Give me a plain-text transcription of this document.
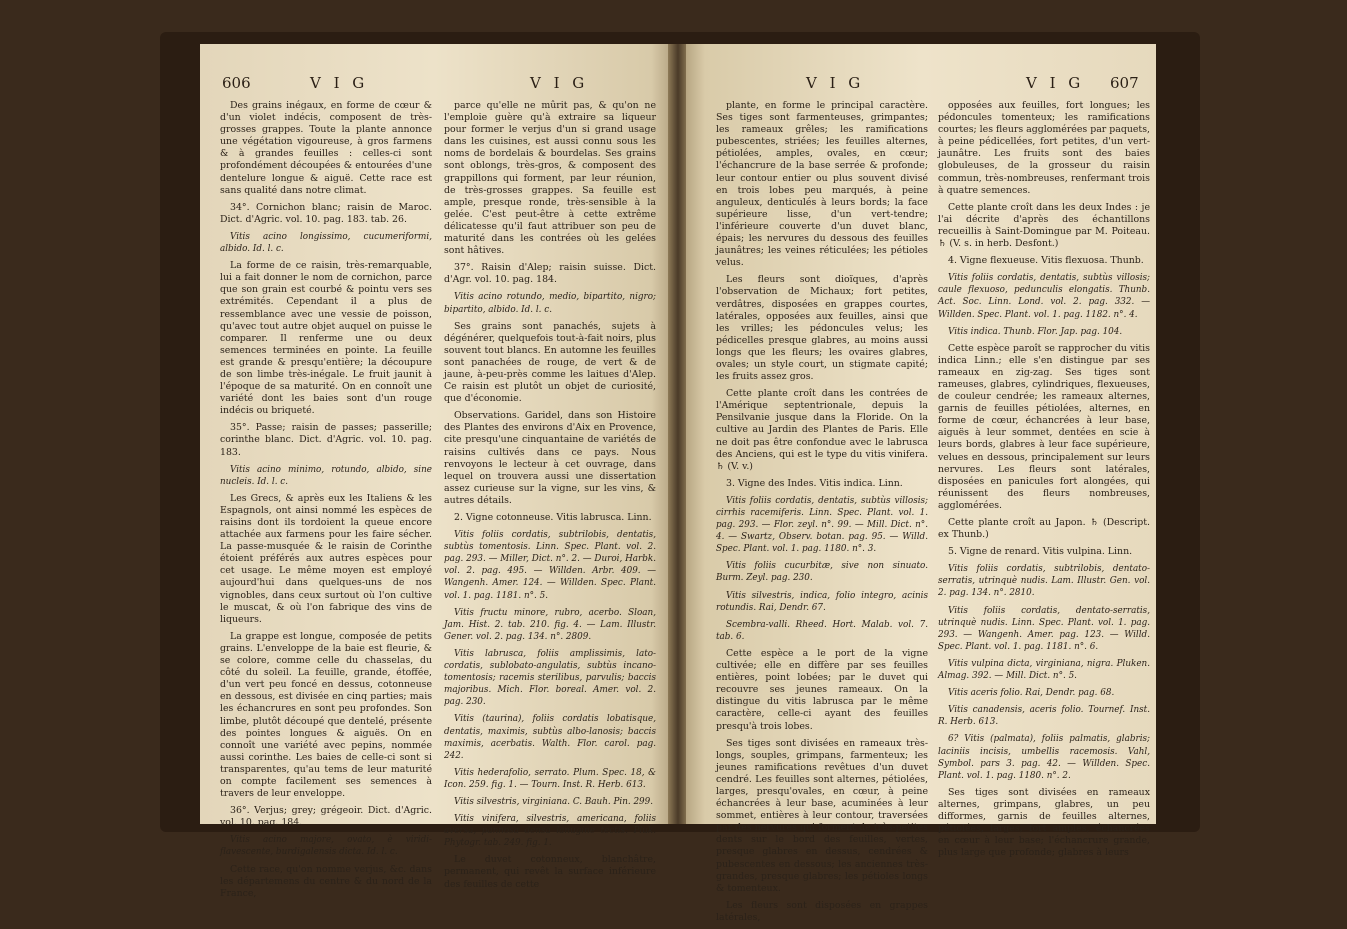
606	V I G	V I G

Des grains inégaux, en forme de cœur & d'un violet indécis, composent de très-grosses grappes. Toute la plante annonce une végétation vigoureuse, à gros farmens & à grandes feuilles : celles-ci sont profondément découpées & entourées d'une dentelure longue & aiguë. Cette race est sans qualité dans notre climat.

34°. Cornichon blanc; raisin de Maroc. Dict. d'Agric. vol. 10. pag. 183. tab. 26.

Vitis acino longissimo, cucumeriformi, albido. Id. l. c.

La forme de ce raisin, très-remarquable, lui a fait donner le nom de cornichon, parce que son grain est courbé & pointu vers ses extrémités. Cependant il a plus de ressemblance avec une vessie de poisson, qu'avec tout autre objet auquel on puisse le comparer. Il renferme une ou deux semences terminées en pointe. La feuille est grande & presqu'entière; la découpure de son limbe très-inégale. Le fruit jaunit à l'époque de sa maturité. On en connoît une variété dont les baies sont d'un rouge indécis ou briqueté.

35°. Passe; raisin de passes; passerille; corinthe blanc. Dict. d'Agric. vol. 10. pag. 183.

Vitis acino minimo, rotundo, albido, sine nucleis. Id. l. c.

Les Grecs, & après eux les Italiens & les Espagnols, ont ainsi nommé les espèces de raisins dont ils tordoient la queue encore attachée aux farmens pour les faire sécher. La passe-musquée & le raisin de Corinthe étoient préférés aux autres espèces pour cet usage. Le même moyen est employé aujourd'hui dans quelques-uns de nos vignobles, dans ceux surtout où l'on cultive le muscat, & où l'on fabrique des vins de liqueurs.

La grappe est longue, composée de petits grains. L'enveloppe de la baie est fleurie, & se colore, comme celle du chasselas, du côté du soleil. La feuille, grande, étoffée, d'un vert peu foncé en dessus, cotonneuse en dessous, est divisée en cinq parties; mais les échancrures en sont peu profondes. Son limbe, plutôt découpé que dentelé, présente des pointes longues & aiguës. On en connoît une variété avec pepins, nommée aussi corinthe. Les baies de celle-ci sont si transparentes, qu'au tems de leur maturité on compte facilement ses semences à travers de leur enveloppe.

36°. Verjus; grey; grégeoir. Dict. d'Agric. vol. 10. pag. 184.

Vitis acino majore, ovato, è viridi-flavescente, burdigalensis dicta. Id. l. c.

Cette race, qu'on nomme verjus, &c. dans les départemens du centre & du nord de la France,

parce qu'elle ne mûrit pas, & qu'on ne l'emploie guère qu'à extraire sa liqueur pour former le verjus d'un si grand usage dans les cuisines, est aussi connu sous les noms de bordelais & bourdelas. Ses grains sont oblongs, très-gros, & composent des grappillons qui forment, par leur réunion, de très-grosses grappes. Sa feuille est ample, presque ronde, très-sensible à la gelée. C'est peut-être à cette extrême délicatesse qu'il faut attribuer son peu de maturité dans les contrées où les gelées sont hâtives.

37°. Raisin d'Alep; raisin suisse. Dict. d'Agr. vol. 10. pag. 184.

Vitis acino rotundo, medio, bipartito, nigro; bipartito, albido. Id. l. c.

Ses grains sont panachés, sujets à dégénérer, quelquefois tout-à-fait noirs, plus souvent tout blancs. En automne les feuilles sont panachées de rouge, de vert & de jaune, à-peu-près comme les laitues d'Alep. Ce raisin est plutôt un objet de curiosité, que d'économie.

Observations. Garidel, dans son Histoire des Plantes des environs d'Aix en Provence, cite presqu'une cinquantaine de variétés de raisins cultivés dans ce pays. Nous renvoyons le lecteur à cet ouvrage, dans lequel on trouvera aussi une dissertation assez curieuse sur la vigne, sur les vins, & autres détails.

2. Vigne cotonneuse. Vitis labrusca. Linn.

Vitis foliis cordatis, subtrilobis, dentatis, subtùs tomentosis. Linn. Spec. Plant. vol. 2. pag. 293. — Miller, Dict. n°. 2. — Duroi, Harbk. vol. 2. pag. 495. — Willden. Arbr. 409. — Wangenh. Amer. 124. — Willden. Spec. Plant. vol. 1. pag. 1181. n°. 5.

Vitis fructu minore, rubro, acerbo. Sloan, Jam. Hist. 2. tab. 210. fig. 4. — Lam. Illustr. Gener. vol. 2. pag. 134. n°. 2809.

Vitis labrusca, foliis amplissimis, lato-cordatis, sublobato-angulatis, subtùs incano-tomentosis; racemis sterilibus, parvulis; baccis majoribus. Mich. Flor. boreal. Amer. vol. 2. pag. 230.

Vitis (taurina), foliis cordatis lobatisque, dentatis, maximis, subtùs albo-lanosis; baccis maximis, acerbatis. Walth. Flor. carol. pag. 242.

Vitis hederafolio, serrato. Plum. Spec. 18, & Icon. 259. fig. 1. — Tourn. Inst. R. Herb. 613.

Vitis silvestris, virginiana. C. Bauh. Pin. 299.

Vitis vinifera, silvestris, americana, foliis aversa, pannosa densa lanugine tectis. Pluk. Phytogr. tab. 249. fig. 1.

Le duvet cotonneux, blanchâtre, permanent, qui revêt la surface inférieure des feuilles de cette

V I G	V I G 607

plante, en forme le principal caractère. Ses tiges sont farmenteuses, grimpantes; les rameaux grêles; les ramifications pubescentes, striées; les feuilles alternes, pétiolées, amples, ovales, en cœur; l'échancrure de la base serrée & profonde; leur contour entier ou plus souvent divisé en trois lobes peu marqués, à peine anguleux, denticulés à leurs bords; la face supérieure lisse, d'un vert-tendre; l'inférieure couverte d'un duvet blanc, épais; les nervures du dessous des feuilles jaunâtres; les veines réticulées; les pétioles velus.

Les fleurs sont dioïques, d'après l'observation de Michaux; fort petites, verdâtres, disposées en grappes courtes, latérales, opposées aux feuilles, ainsi que les vrilles; les pédoncules velus; les pédicelles presque glabres, au moins aussi longs que les fleurs; les ovaires glabres, ovales; un style court, un stigmate capité; les fruits assez gros.

Cette plante croît dans les contrées de l'Amérique septentrionale, depuis la Pensilvanie jusque dans la Floride. On la cultive au Jardin des Plantes de Paris. Elle ne doit pas être confondue avec le labrusca des Anciens, qui est le type du vitis vinifera. ♄ (V. v.)

3. Vigne des Indes. Vitis indica. Linn.

Vitis foliis cordatis, dentatis, subtùs villosis; cirrhis racemiferis. Linn. Spec. Plant. vol. 1. pag. 293. — Flor. zeyl. n°. 99. — Mill. Dict. n°. 4. — Swartz, Observ. botan. pag. 95. — Willd. Spec. Plant. vol. 1. pag. 1180. n°. 3.

Vitis foliis cucurbitæ, sive non sinuato. Burm. Zeyl. pag. 230.

Vitis silvestris, indica, folio integro, acinis rotundis. Rai, Dendr. 67.

Scembra-valli. Rheed. Hort. Malab. vol. 7. tab. 6.

Cette espèce a le port de la vigne cultivée; elle en diffère par ses feuilles entières, point lobées; par le duvet qui recouvre ses jeunes rameaux. On la distingue du vitis labrusca par le même caractère, celle-ci ayant des feuilles presqu'à trois lobes.

Ses tiges sont divisées en rameaux très-longs, souples, grimpans, farmenteux; les jeunes ramifications revêtues d'un duvet cendré. Les feuilles sont alternes, pétiolées, larges, presqu'ovales, en cœur, à peine échancrées à leur base, acuminées à leur sommet, entières à leur contour, traversées par des nervures qui forment de très-petites dents sur le bord des feuilles, vertes, presque glabres en dessus, cendrées & pubescentes en dessous; les anciennes très-grandes, presque glabres; les pétioles longs & tomenteux.

Les fleurs sont disposées en grappes latérales,

opposées aux feuilles, fort longues; les pédoncules tomenteux; les ramifications courtes; les fleurs agglomérées par paquets, à peine pédicellées, fort petites, d'un vert-jaunâtre. Les fruits sont des baies globuleuses, de la grosseur du raisin commun, très-nombreuses, renfermant trois à quatre semences.

Cette plante croît dans les deux Indes : je l'ai décrite d'après des échantillons recueillis à Saint-Domingue par M. Poiteau. ♄ (V. s. in herb. Desfont.)

4. Vigne flexueuse. Vitis flexuosa. Thunb.

Vitis foliis cordatis, dentatis, subtùs villosis; caule flexuoso, pedunculis elongatis. Thunb. Act. Soc. Linn. Lond. vol. 2. pag. 332. — Willden. Spec. Plant. vol. 1. pag. 1182. n°. 4.

Vitis indica. Thunb. Flor. Jap. pag. 104.

Cette espèce paroît se rapprocher du vitis indica Linn.; elle s'en distingue par ses rameaux en zig-zag. Ses tiges sont rameuses, glabres, cylindriques, flexueuses, de couleur cendrée; les rameaux alternes, garnis de feuilles pétiolées, alternes, en forme de cœur, échancrées à leur base, aiguës à leur sommet, dentées en scie à leurs bords, glabres à leur face supérieure, velues en dessous, principalement sur leurs nervures. Les fleurs sont latérales, disposées en panicules fort alongées, qui réunissent des fleurs nombreuses, agglomérées.

Cette plante croît au Japon. ♄ (Descript. ex Thunb.)

5. Vigne de renard. Vitis vulpina. Linn.

Vitis foliis cordatis, subtrilobis, dentato-serratis, utrinquè nudis. Lam. Illustr. Gen. vol. 2. pag. 134. n°. 2810.

Vitis foliis cordatis, dentato-serratis, utrinquè nudis. Linn. Spec. Plant. vol. 1. pag. 293. — Wangenh. Amer. pag. 123. — Willd. Spec. Plant. vol. 1. pag. 1181. n°. 6.

Vitis vulpina dicta, virginiana, nigra. Pluken. Almag. 392. — Mill. Dict. n°. 5.

Vitis aceris folio. Rai, Dendr. pag. 68.

Vitis canadensis, aceris folio. Tournef. Inst. R. Herb. 613.

6? Vitis (palmata), foliis palmatis, glabris; laciniis incisis, umbellis racemosis. Vahl, Symbol. pars 3. pag. 42. — Willden. Spec. Plant. vol. 1. pag. 1180. n°. 2.

Ses tiges sont divisées en rameaux alternes, grimpans, glabres, un peu difformes, garnis de feuilles alternes, pétiolées, larges, fort amples, échancrées en cœur à leur base; l'échancrure grande, plus large que profonde; glabres à leurs
